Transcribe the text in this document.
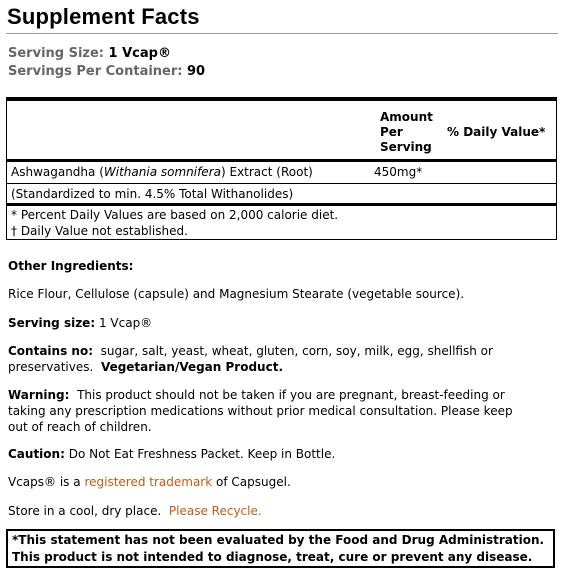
Supplement Facts
Serving Size: 1 Vcap®
Servings Per Container: 90
Amount
Per
Serving
% Daily Value*
Ashwagandha (Withania somnifera) Extract (Root)	450mg*
(Standardized to min. 4.5% Total Withanolides)
* Percent Daily Values are based on 2,000 calorie diet.
† Daily Value not established.
Other Ingredients:
Rice Flour, Cellulose (capsule) and Magnesium Stearate (vegetable source).
Serving size: 1 Vcap®
Contains no: sugar, salt, yeast, wheat, gluten, corn, soy, milk, egg, shellfish or
preservatives. Vegetarian/Vegan Product.
Warning: This product should not be taken if you are pregnant, breast-feeding or
taking any prescription medications without prior medical consultation. Please keep
out of reach of children.
Caution: Do Not Eat Freshness Packet. Keep in Bottle.
Vcaps® is a registered trademark of Capsugel.
Store in a cool, dry place. Please Recycle.
*This statement has not been evaluated by the Food and Drug Administration.
This product is not intended to diagnose, treat, cure or prevent any disease.
